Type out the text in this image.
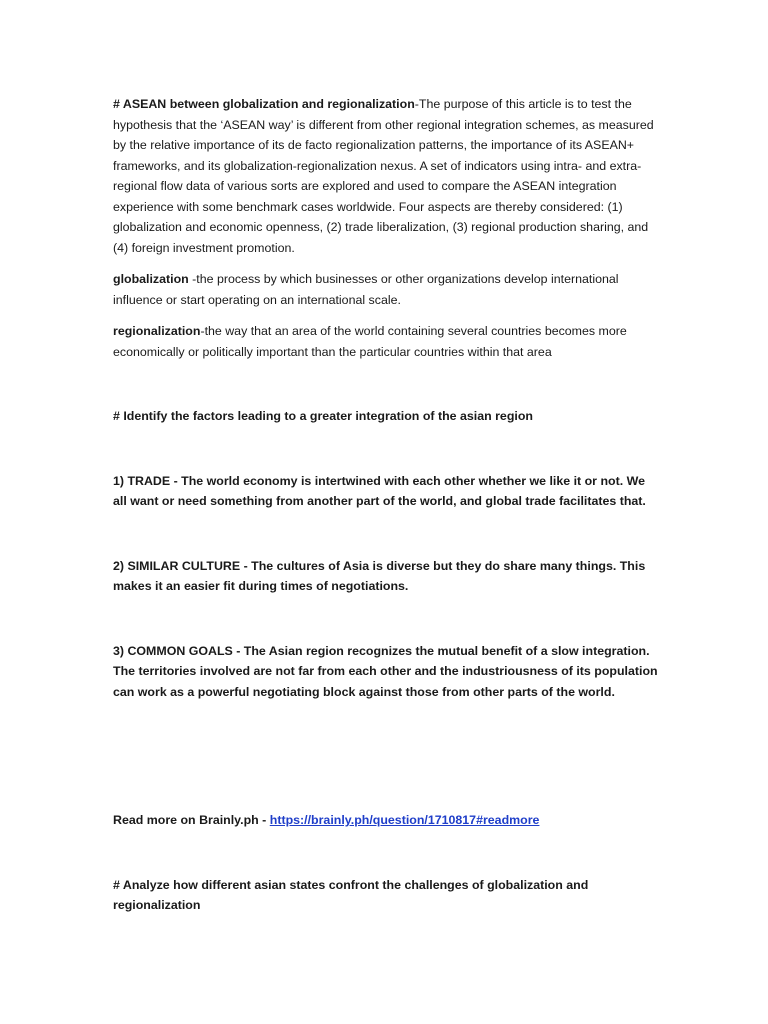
# ASEAN between globalization and regionalization-The purpose of this article is to test the hypothesis that the ‘ASEAN way’ is different from other regional integration schemes, as measured by the relative importance of its de facto regionalization patterns, the importance of its ASEAN+ frameworks, and its globalization-regionalization nexus. A set of indicators using intra- and extra-regional flow data of various sorts are explored and used to compare the ASEAN integration experience with some benchmark cases worldwide. Four aspects are thereby considered: (1) globalization and economic openness, (2) trade liberalization, (3) regional production sharing, and (4) foreign investment promotion.

globalization -the process by which businesses or other organizations develop international influence or start operating on an international scale.

regionalization-the way that an area of the world containing several countries becomes more economically or politically important than the particular countries within that area

# Identify the factors leading to a greater integration of the asian region

1) TRADE - The world economy is intertwined with each other whether we like it or not. We all want or need something from another part of the world, and global trade facilitates that.

2) SIMILAR CULTURE - The cultures of Asia is diverse but they do share many things. This makes it an easier fit during times of negotiations.

3) COMMON GOALS - The Asian region recognizes the mutual benefit of a slow integration. The territories involved are not far from each other and the industriousness of its population can work as a powerful negotiating block against those from other parts of the world.

Read more on Brainly.ph - https://brainly.ph/question/1710817#readmore

# Analyze how different asian states confront the challenges of globalization and regionalization
